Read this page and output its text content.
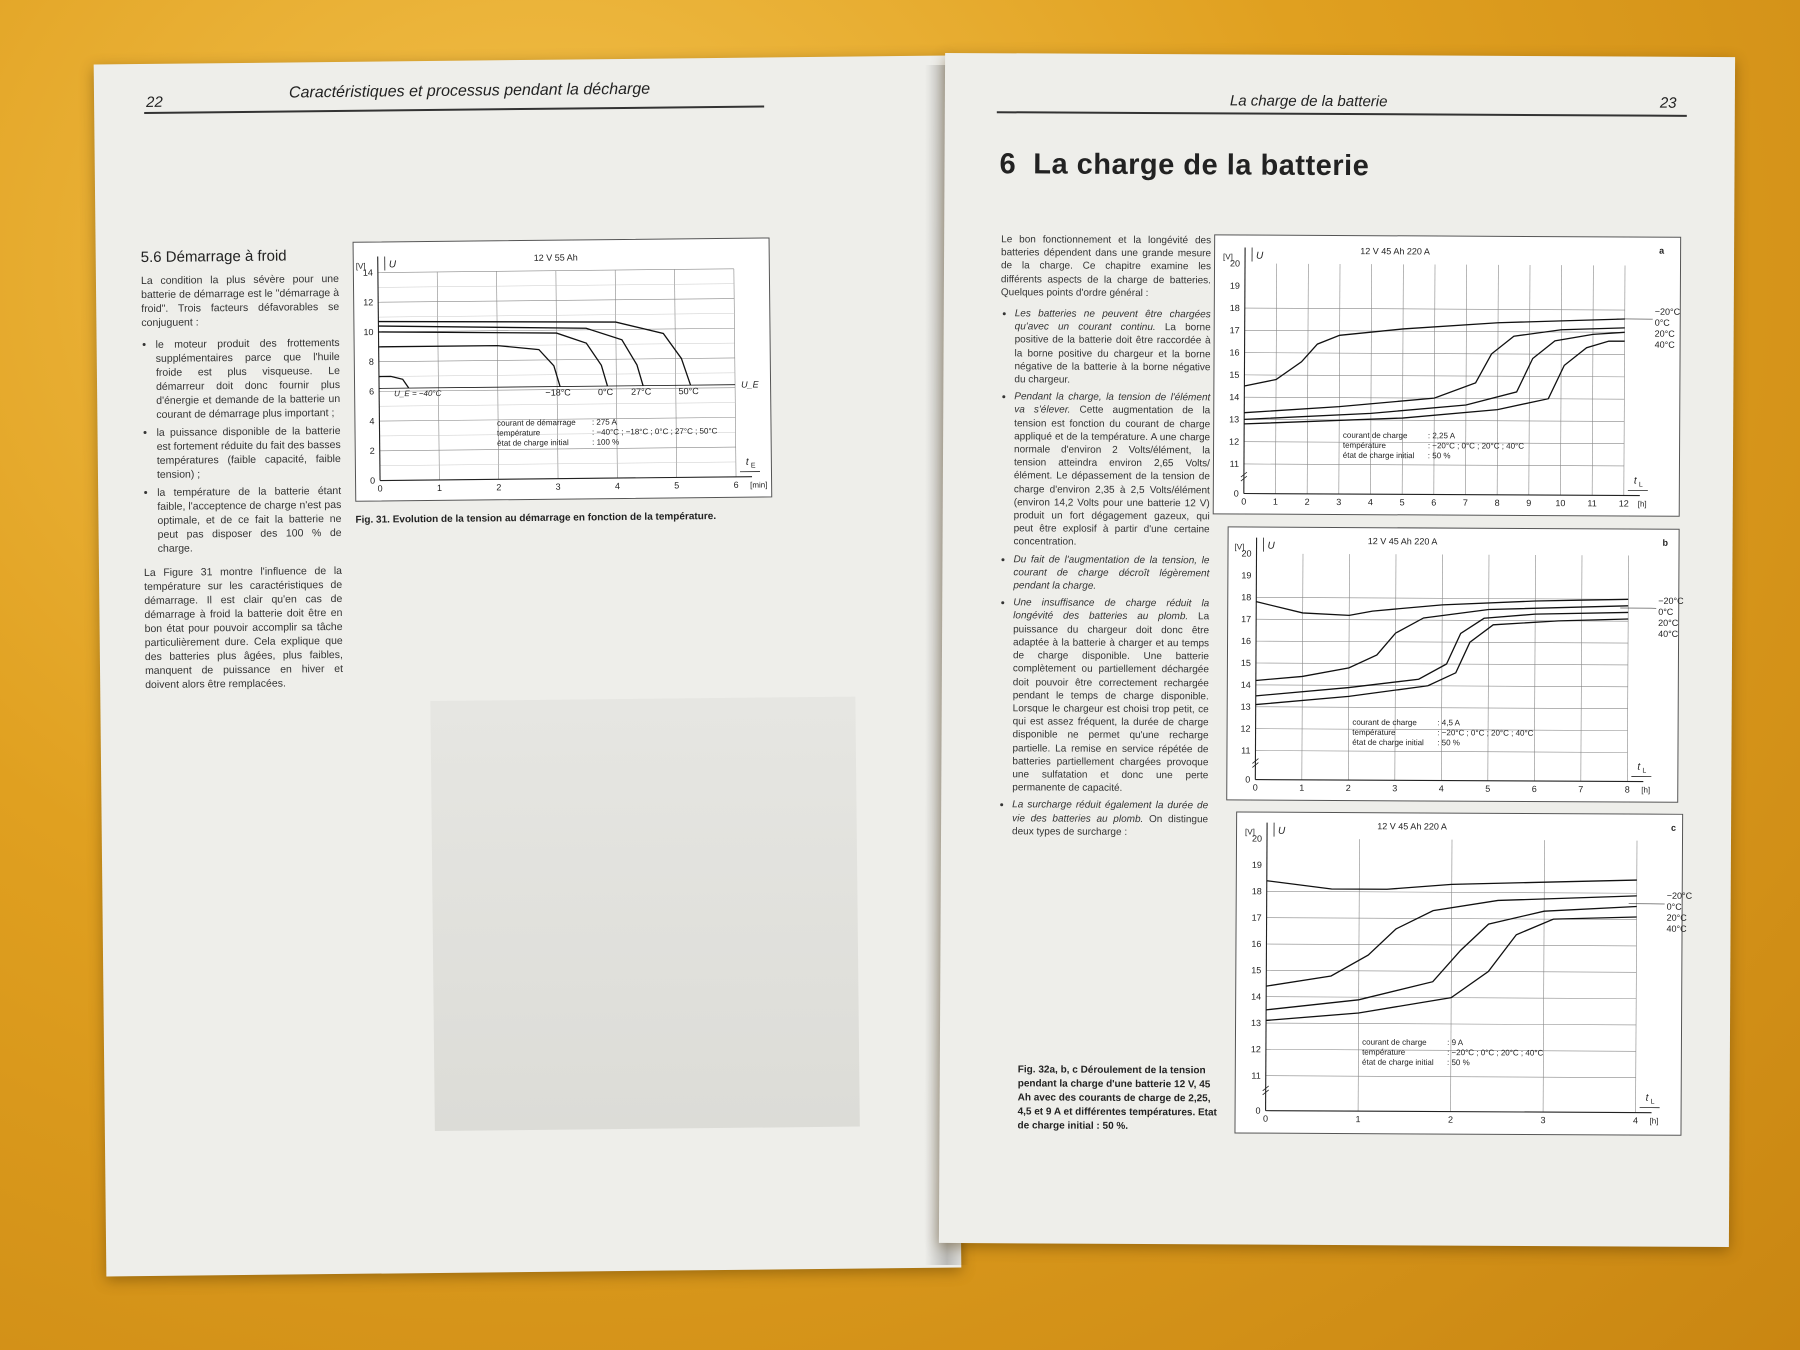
22
Caractéristiques et processus pendant la décharge
5.6 Démarrage à froid

La condition la plus sévère pour une batterie de démarrage est le "démarrage à froid". Trois facteurs défavorables se conjuguent :

• le moteur produit des frottements supplémentaires parce que l'huile froide est plus visqueuse. Le démarreur doit donc fournir plus d'énergie et demande de la batterie un courant de démarrage plus important ;
• la puissance disponible de la batterie est fortement réduite du fait des basses températures (faible capacité, faible tension) ;
• la température de la batterie étant faible, l'acceptence de charge n'est pas optimale, et de ce fait la batterie ne peut pas disposer des 100 % de charge.

La Figure 31 montre l'influence de la température sur les caractéristiques de démarrage. Il est clair qu'en cas de démarrage à froid la batterie doit être en bon état pour pouvoir accomplir sa tâche particulièrement dure. Cela explique que des batteries plus âgées, plus faibles, manquent de puissance en hiver et doivent alors être remplacées.

0	1	2	3	4	5	6
0
2
4
6
8
10
12
14
U
[V]
[min]
t E
12 V 55 Ah
−18°C	0°C 27°C	50°C
U_E = −40°C
U_E
courant de démarrage : 275 A
température	: −40°C ; −18°C ; 0°C ; 27°C ; 50°C
état de charge initial	: 100 %
Fig. 31. Evolution de la tension au démarrage en fonction de la température.
La charge de la batterie	23
6 La charge de la batterie

Le bon fonctionnement et la longévité des batteries dépendent dans une grande mesure de la charge. Ce chapitre examine les différents aspects de la charge de batteries. Quelques points d'ordre général :

• Les batteries ne peuvent être chargées qu'avec un courant continu. La borne positive de la batterie doit être raccordée à la borne positive du chargeur et la borne négative de la batterie à la borne négative du chargeur.
• Pendant la charge, la tension de l'élément va s'élever. Cette augmentation de la tension est fonction du courant de charge appliqué et de la température. A une charge normale d'environ 2 Volts/élément, la tension atteindra environ 2,65 Volts/élément. Le dépassement de la tension de charge d'environ 2,35 à 2,5 Volts/élément (environ 14,2 Volts pour une batterie 12 V) produit un fort dégagement gazeux, qui peut être explosif à partir d'une certaine concentration.
• Du fait de l'augmentation de la tension, le courant de charge décroît légèrement pendant la charge.
• Une insuffisance de charge réduit la longévité des batteries au plomb. La puissance du chargeur doit donc être adaptée à la batterie à charger et au temps de charge disponible. Une batterie complètement ou partiellement déchargée doit pouvoir être correctement rechargée pendant le temps de charge disponible. Lorsque le chargeur est choisi trop petit, ce qui est assez fréquent, la durée de charge disponible ne permet qu'une recharge partielle. La remise en service répétée de batteries partiellement chargées provoque une sulfatation et donc une perte permanente de capacité.
• La surcharge réduit également la durée de vie des batteries au plomb. On distingue deux types de surcharge :
0	1	2	3	4	5	6	7	8	9	10 11 12
0
11
12
13
14
15
16
17
18
19
20
U
[V]
[h]
t L
12 V 45 Ah 220 A	a
−20°C
0°C
20°C
40°C
courant de charge	: 2,25 A
température	: −20°C ; 0°C ; 20°C ; 40°C
état de charge initial : 50 %
0	1	2	3	4	5	6	7	8
0
11
12
13
14
15
16
17
18
19
20
U
[V]
[h]
t L
12 V 45 Ah 220 A	b
−20°C
0°C
20°C
40°C
courant de charge	: 4,5 A
température	: −20°C ; 0°C ; 20°C ; 40°C
état de charge initial : 50 %
0	1	2	3	4
0
11
12
13
14
15
16
17
18
19
20
U
[V]
[h]
t L
12 V 45 Ah 220 A	c
−20°C
0°C
20°C
40°C
courant de charge	: 9 A
température	: −20°C ; 0°C ; 20°C ; 40°C
état de charge initial : 50 %
Fig. 32a, b, c Déroulement de la tension pendant la charge d'une batterie 12 V, 45 Ah avec des courants de charge de 2,25, 4,5 et 9 A et différentes températures. Etat de charge initial : 50 %.
